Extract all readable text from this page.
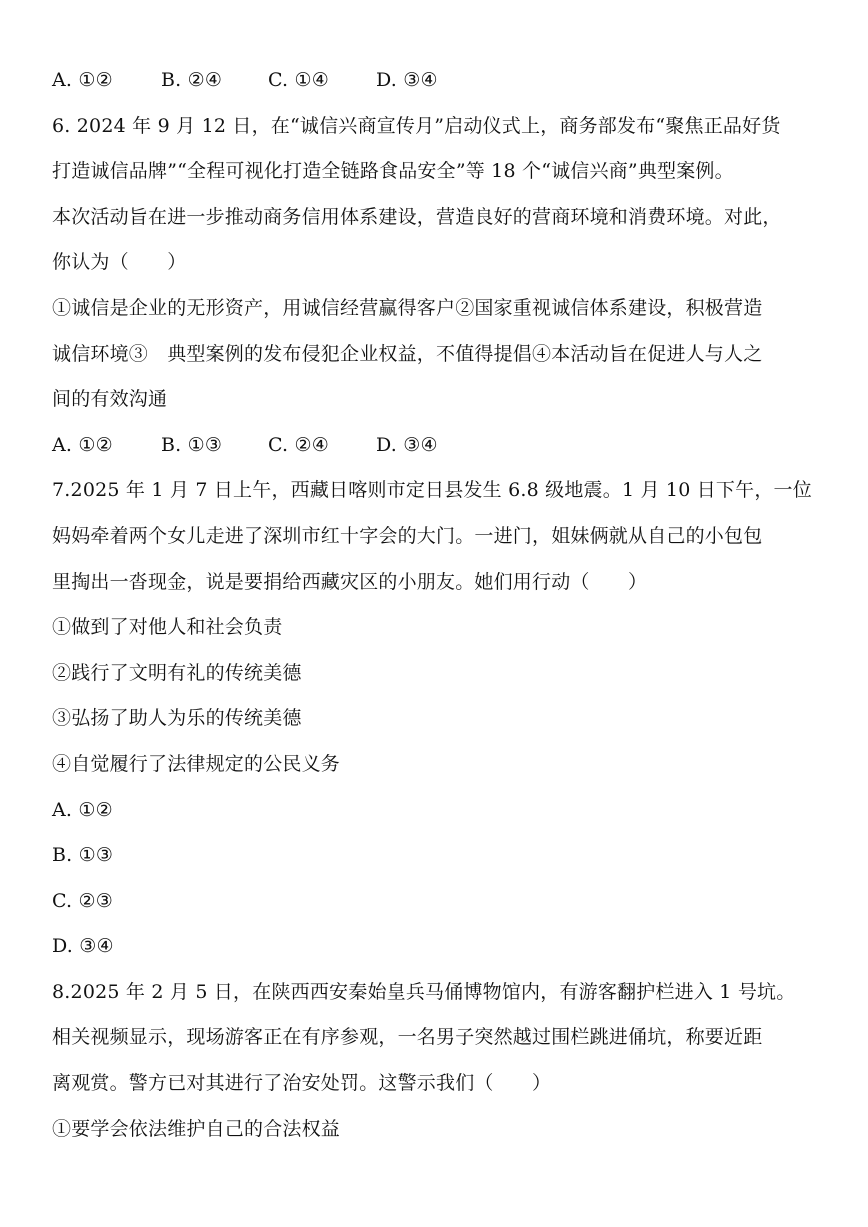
A. ①②	B. ②④ C. ①④ D. ③④
6. 2024 年 9 月 12 日，在“诚信兴商宣传月”启动仪式上，商务部发布“聚焦正品好货
打造诚信品牌”“全程可视化打造全链路食品安全”等 18 个“诚信兴商”典型案例。
本次活动旨在进一步推动商务信用体系建设，营造良好的营商环境和消费环境。对此，
你认为（　　）
①诚信是企业的无形资产，用诚信经营赢得客户②国家重视诚信体系建设，积极营造
诚信环境③　典型案例的发布侵犯企业权益，不值得提倡④本活动旨在促进人与人之
间的有效沟通
A. ①②	B. ①③ C. ②④ D. ③④
7.2025 年 1 月 7 日上午，西藏日喀则市定日县发生 6.8 级地震。1 月 10 日下午，一位
妈妈牵着两个女儿走进了深圳市红十字会的大门。一进门，姐妹俩就从自己的小包包
里掏出一沓现金，说是要捐给西藏灾区的小朋友。她们用行动（　　）
①做到了对他人和社会负责
②践行了文明有礼的传统美德
③弘扬了助人为乐的传统美德
④自觉履行了法律规定的公民义务
A. ①②
B. ①③
C. ②③
D. ③④
8.2025 年 2 月 5 日，在陕西西安秦始皇兵马俑博物馆内，有游客翻护栏进入 1 号坑。
相关视频显示，现场游客正在有序参观，一名男子突然越过围栏跳进俑坑，称要近距
离观赏。警方已对其进行了治安处罚。这警示我们（　　）
①要学会依法维护自己的合法权益
